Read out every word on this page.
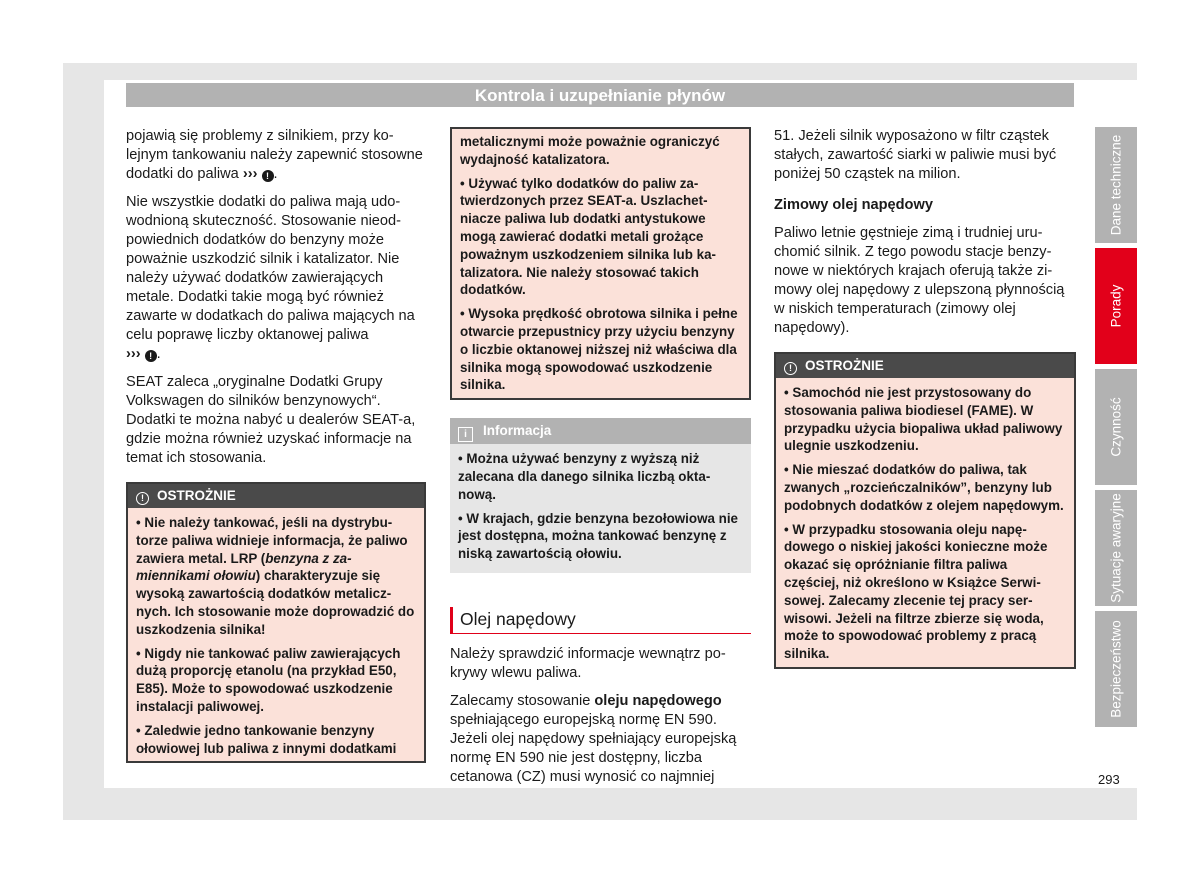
Kontrola i uzupełnianie płynów

pojawią się problemy z silnikiem, przy kolejnym tankowaniu należy zapewnić stosowne dodatki do paliwa ››› ! .

Nie wszystkie dodatki do paliwa mają udowodnioną skuteczność. Stosowanie nieodpowiednich dodatków do benzyny może poważnie uszkodzić silnik i katalizator. Nie należy używać dodatków zawierających metale. Dodatki takie mogą być również zawarte w dodatkach do paliwa mających na celu poprawę liczby oktanowej paliwa
››› ! .

SEAT zaleca „oryginalne Dodatki Grupy Volkswagen do silników benzynowych“. Dodatki te można nabyć u dealerów SEAT-a, gdzie można również uzyskać informacje na temat ich stosowania.

! OSTROŻNIE

• Nie należy tankować, jeśli na dystrybutorze paliwa widnieje informacja, że paliwo zawiera metal. LRP (benzyna z zamiennikami ołowiu) charakteryzuje się wysoką zawartością dodatków metalicznych. Ich stosowanie może doprowadzić do uszkodzenia silnika!

• Nigdy nie tankować paliw zawierających dużą proporcję etanolu (na przykład E50, E85). Może to spowodować uszkodzenie instalacji paliwowej.

• Zaledwie jedno tankowanie benzyny ołowiowej lub paliwa z innymi dodatkami

metalicznymi może poważnie ograniczyć wydajność katalizatora.

• Używać tylko dodatków do paliw zatwierdzonych przez SEAT-a. Uszlachetniacze paliwa lub dodatki antystukowe mogą zawierać dodatki metali grożące poważnym uszkodzeniem silnika lub katalizatora. Nie należy stosować takich dodatków.

• Wysoka prędkość obrotowa silnika i pełne otwarcie przepustnicy przy użyciu benzyny o liczbie oktanowej niższej niż właściwa dla silnika mogą spowodować uszkodzenie silnika.

i Informacja

• Można używać benzyny z wyższą niż zalecana dla danego silnika liczbą oktanową.

• W krajach, gdzie benzyna bezołowiowa nie jest dostępna, można tankować benzynę z niską zawartością ołowiu.

Olej napędowy

Należy sprawdzić informacje wewnątrz pokrywy wlewu paliwa.

Zalecamy stosowanie oleju napędowego spełniającego europejską normę EN 590. Jeżeli olej napędowy spełniający europejską normę EN 590 nie jest dostępny, liczba cetanowa (CZ) musi wynosić co najmniej

51. Jeżeli silnik wyposażono w filtr cząstek stałych, zawartość siarki w paliwie musi być poniżej 50 cząstek na milion.

Zimowy olej napędowy

Paliwo letnie gęstnieje zimą i trudniej uruchomić silnik. Z tego powodu stacje benzynowe w niektórych krajach oferują także zimowy olej napędowy z ulepszoną płynnością w niskich temperaturach (zimowy olej napędowy).

! OSTROŻNIE

• Samochód nie jest przystosowany do stosowania paliwa biodiesel (FAME). W przypadku użycia biopaliwa układ paliwowy ulegnie uszkodzeniu.

• Nie mieszać dodatków do paliwa, tak zwanych „rozcieńczalników”, benzyny lub podobnych dodatków z olejem napędowym.

• W przypadku stosowania oleju napędowego o niskiej jakości konieczne może okazać się opróżnianie filtra paliwa częściej, niż określono w Książce Serwisowej. Zalecamy zlecenie tej pracy serwisowi. Jeżeli na filtrze zbierze się woda, może to spowodować problemy z pracą silnika.

Dane techniczne
Porady
Czynność
Sytuacje awaryjne
Bezpieczeństwo
293
